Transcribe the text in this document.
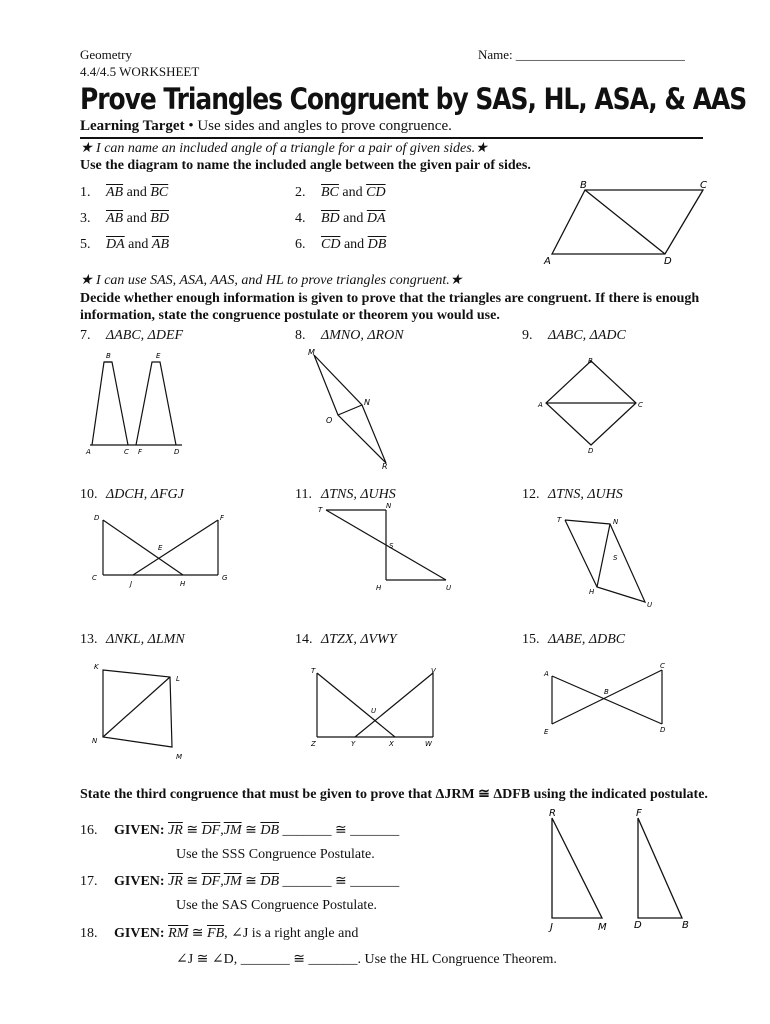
Geometry
4.4/4.5 WORKSHEET
Name: __________________________
Prove Triangles Congruent by SAS, HL, ASA, & AAS
Learning Target • Use sides and angles to prove congruence.
★ I can name an included angle of a triangle for a pair of given sides.★
Use the diagram to name the included angle between the given pair of sides.
1. $\overline{AB}$ and $\overline{BC}$	2. $\overline{BC}$ and $\overline{CD}$
3. $\overline{AB}$ and $\overline{BD}$	4. $\overline{BD}$ and $\overline{DA}$
5. $\overline{DA}$ and $\overline{AB}$	6. $\overline{CD}$ and $\overline{DB}$
B	C
A	D
★ I can use SAS, ASA, AAS, and HL to prove triangles congruent.★
Decide whether enough information is given to prove that the triangles are congruent. If there is enough information, state the congruence postulate or theorem you would use.
7. ΔABC, ΔDEF	8. ΔMNO, ΔRON	9. ΔABC, ΔADC
B	E
A	C F	D
M
N
O
R
B
C
A
D
10. ΔDCH, ΔFGJ	11. ΔTNS, ΔUHS	12. ΔTNS, ΔUHS
D	F
C	G
E
J	H
T	N
S
H	U
T	N
S
H
U
13. ΔNKL, ΔLMN	14. ΔTZX, ΔVWY	15. ΔABE, ΔDBC
K
L
N
M
T	V
U
Z	Y	X	W
A
C
B
E	D
State the third congruence that must be given to prove that ΔJRM ≅ ΔDFB using the indicated postulate.
16. GIVEN: $\overline{JR}$ ≅ $\overline{DF},\overline{JM}$ ≅ $\overline{DB}$ _______ ≅ _______
Use the SSS Congruence Postulate.
17. GIVEN: $\overline{JR}$ ≅ $\overline{DF},\overline{JM}$ ≅ $\overline{DB}$ _______ ≅ _______
Use the SAS Congruence Postulate.
18. GIVEN: $\overline{RM}$ ≅ $\overline{FB}$, ∠J is a right angle and
∠J ≅ ∠D, _______ ≅ _______. Use the HL Congruence Theorem.
R
J	M
F
D	B
